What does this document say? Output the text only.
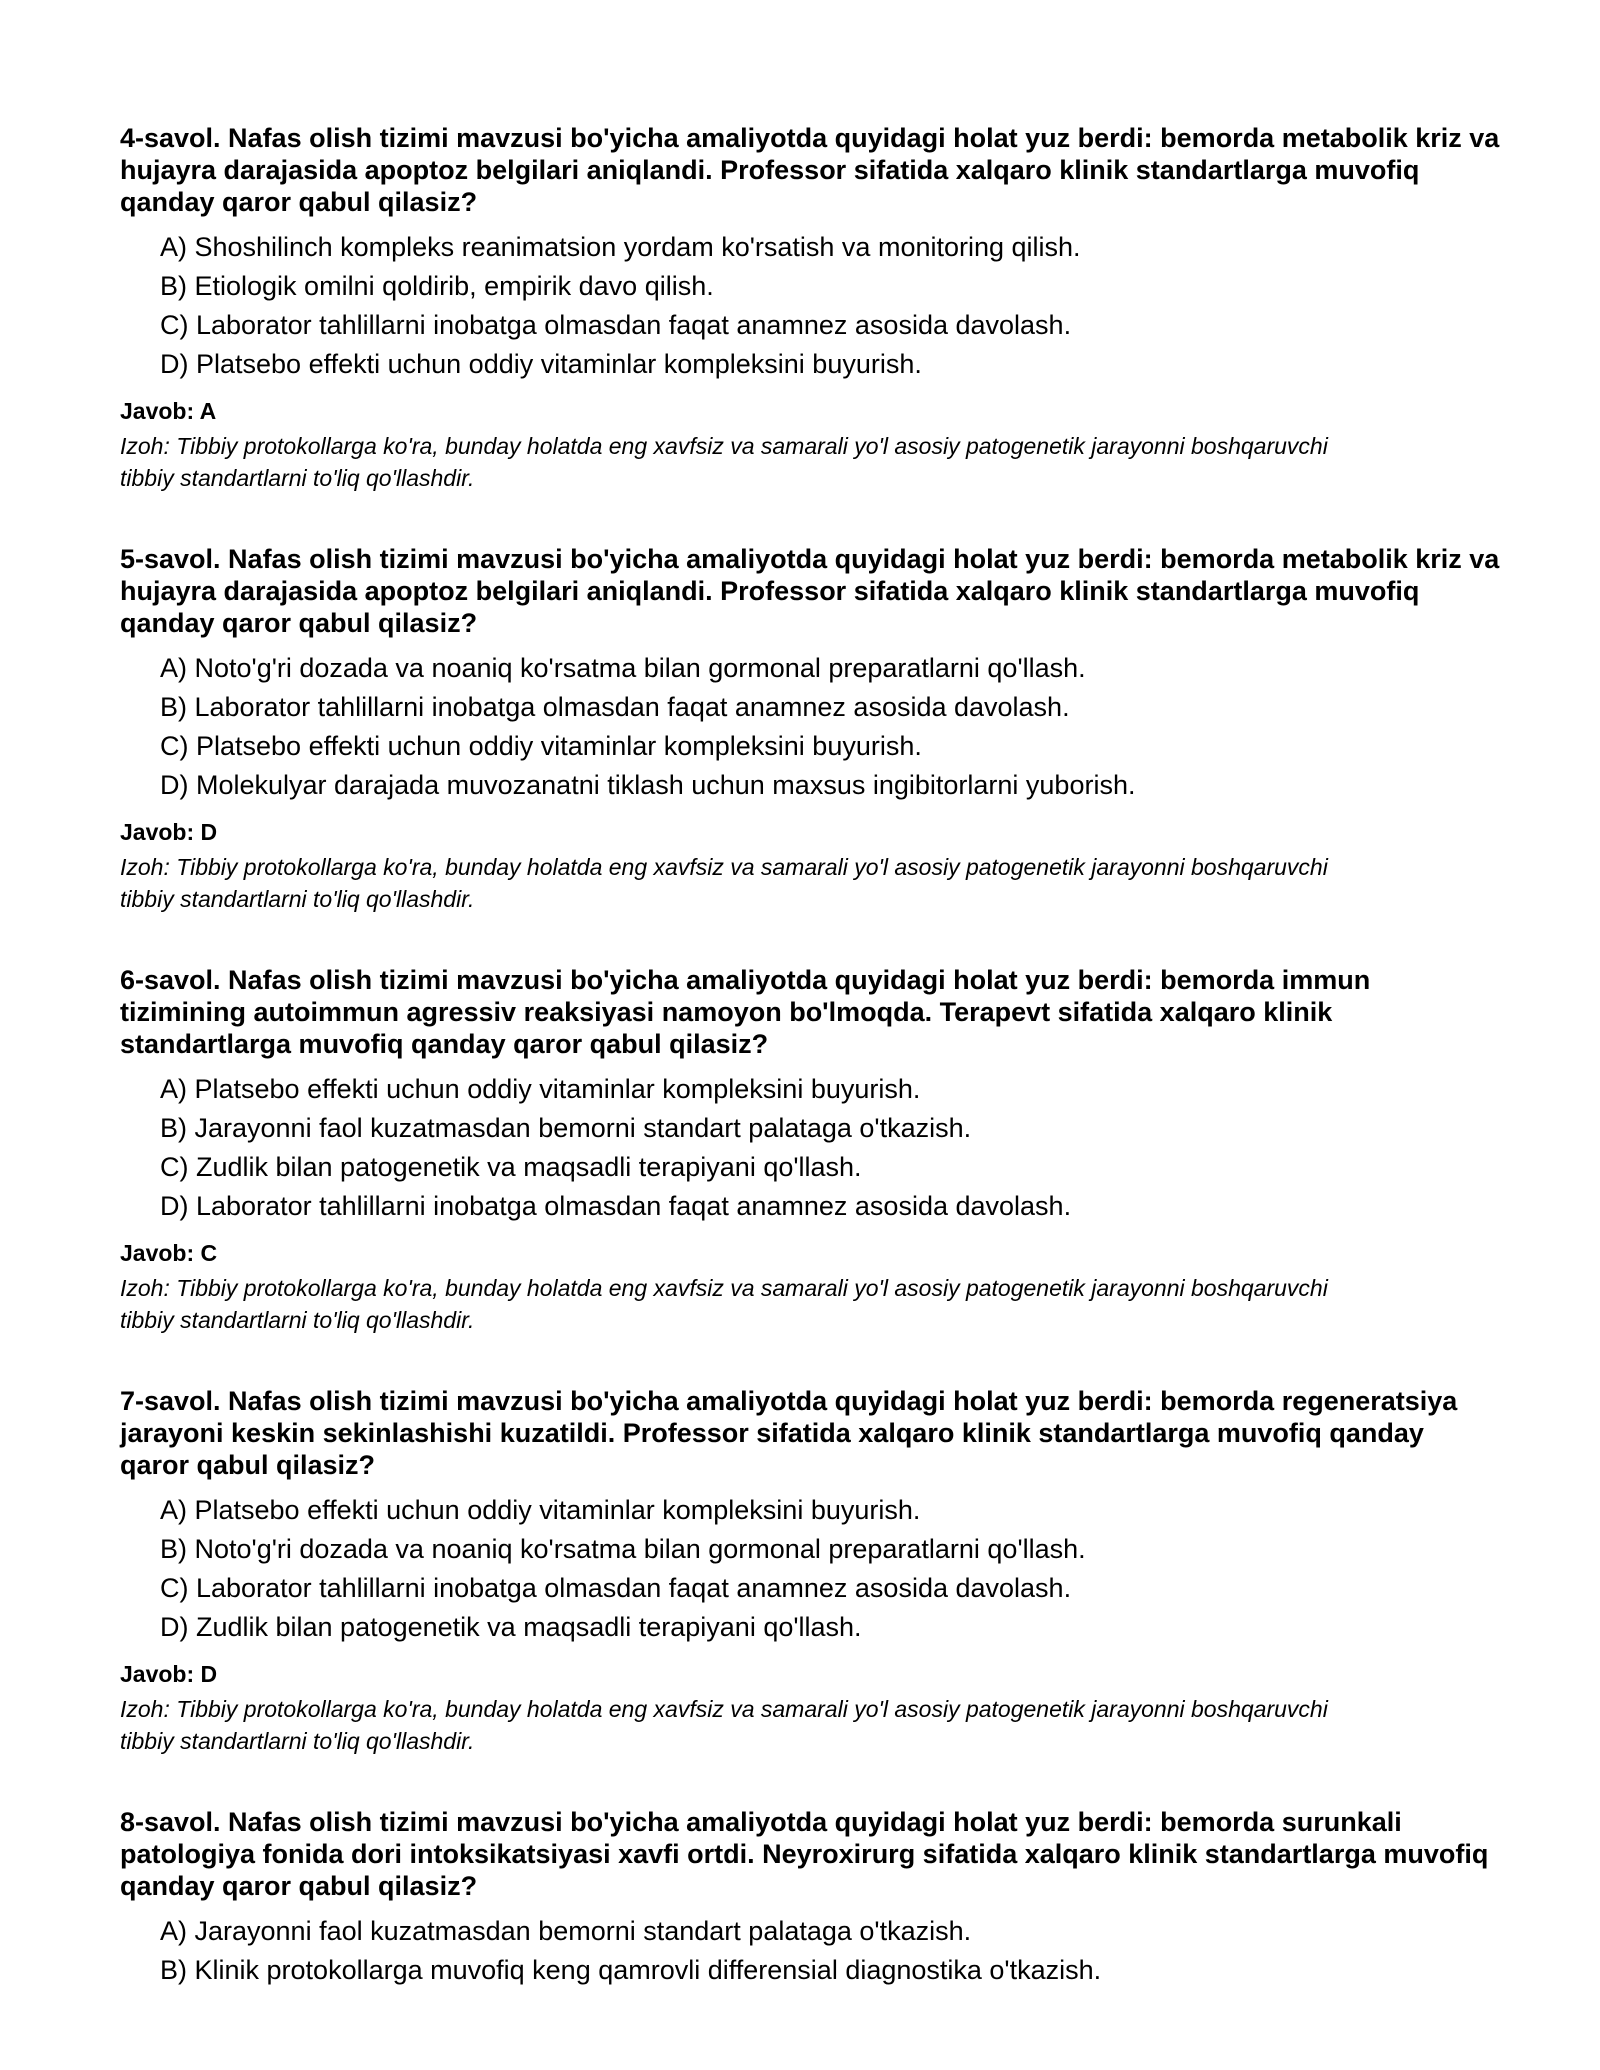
4-savol. Nafas olish tizimi mavzusi bo'yicha amaliyotda quyidagi holat yuz berdi: bemorda metabolik kriz va hujayra darajasida apoptoz belgilari aniqlandi. Professor sifatida xalqaro klinik standartlarga muvofiq qanday qaror qabul qilasiz?

A) Shoshilinch kompleks reanimatsion yordam ko'rsatish va monitoring qilish.
B) Etiologik omilni qoldirib, empirik davo qilish.
C) Laborator tahlillarni inobatga olmasdan faqat anamnez asosida davolash.
D) Platsebo effekti uchun oddiy vitaminlar kompleksini buyurish.

Javob: A

Izoh: Tibbiy protokollarga ko'ra, bunday holatda eng xavfsiz va samarali yo'l asosiy patogenetik jarayonni boshqaruvchi tibbiy standartlarni to'liq qo'llashdir.

5-savol. Nafas olish tizimi mavzusi bo'yicha amaliyotda quyidagi holat yuz berdi: bemorda metabolik kriz va hujayra darajasida apoptoz belgilari aniqlandi. Professor sifatida xalqaro klinik standartlarga muvofiq qanday qaror qabul qilasiz?

A) Noto'g'ri dozada va noaniq ko'rsatma bilan gormonal preparatlarni qo'llash.
B) Laborator tahlillarni inobatga olmasdan faqat anamnez asosida davolash.
C) Platsebo effekti uchun oddiy vitaminlar kompleksini buyurish.
D) Molekulyar darajada muvozanatni tiklash uchun maxsus ingibitorlarni yuborish.

Javob: D

Izoh: Tibbiy protokollarga ko'ra, bunday holatda eng xavfsiz va samarali yo'l asosiy patogenetik jarayonni boshqaruvchi tibbiy standartlarni to'liq qo'llashdir.

6-savol. Nafas olish tizimi mavzusi bo'yicha amaliyotda quyidagi holat yuz berdi: bemorda immun tizimining autoimmun agressiv reaksiyasi namoyon bo'lmoqda. Terapevt sifatida xalqaro klinik standartlarga muvofiq qanday qaror qabul qilasiz?

A) Platsebo effekti uchun oddiy vitaminlar kompleksini buyurish.
B) Jarayonni faol kuzatmasdan bemorni standart palataga o'tkazish.
C) Zudlik bilan patogenetik va maqsadli terapiyani qo'llash.
D) Laborator tahlillarni inobatga olmasdan faqat anamnez asosida davolash.

Javob: C

Izoh: Tibbiy protokollarga ko'ra, bunday holatda eng xavfsiz va samarali yo'l asosiy patogenetik jarayonni boshqaruvchi tibbiy standartlarni to'liq qo'llashdir.

7-savol. Nafas olish tizimi mavzusi bo'yicha amaliyotda quyidagi holat yuz berdi: bemorda regeneratsiya jarayoni keskin sekinlashishi kuzatildi. Professor sifatida xalqaro klinik standartlarga muvofiq qanday qaror qabul qilasiz?

A) Platsebo effekti uchun oddiy vitaminlar kompleksini buyurish.
B) Noto'g'ri dozada va noaniq ko'rsatma bilan gormonal preparatlarni qo'llash.
C) Laborator tahlillarni inobatga olmasdan faqat anamnez asosida davolash.
D) Zudlik bilan patogenetik va maqsadli terapiyani qo'llash.

Javob: D

Izoh: Tibbiy protokollarga ko'ra, bunday holatda eng xavfsiz va samarali yo'l asosiy patogenetik jarayonni boshqaruvchi tibbiy standartlarni to'liq qo'llashdir.

8-savol. Nafas olish tizimi mavzusi bo'yicha amaliyotda quyidagi holat yuz berdi: bemorda surunkali patologiya fonida dori intoksikatsiyasi xavfi ortdi. Neyroxirurg sifatida xalqaro klinik standartlarga muvofiq qanday qaror qabul qilasiz?

A) Jarayonni faol kuzatmasdan bemorni standart palataga o'tkazish.
B) Klinik protokollarga muvofiq keng qamrovli differensial diagnostika o'tkazish.
